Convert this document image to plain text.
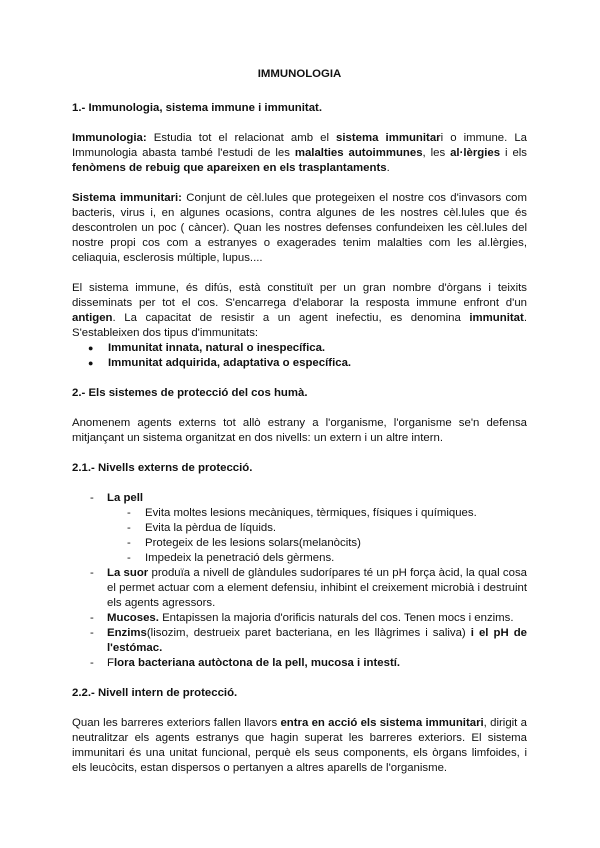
IMMUNOLOGIA
1.- Immunologia, sistema immune i immunitat.

Immunologia: Estudia tot el relacionat amb el sistema immunitari o immune. La Immunologia abasta també l'estudi de les malalties autoimmunes, les al·lèrgies i els fenòmens de rebuig que apareixen en els trasplantaments.

Sistema immunitari: Conjunt de cèl.lules que protegeixen el nostre cos d'invasors com bacteris, virus i, en algunes ocasions, contra algunes de les nostres cèl.lules que és descontrolen un poc ( càncer). Quan les nostres defenses confundeixen les cèl.lules del nostre propi cos com a estranyes o exagerades tenim malalties com les al.lèrgies, celiaquia, esclerosis múltiple, lupus....

El sistema immune, és difús, està constituït per un gran nombre d'òrgans i teixits disseminats per tot el cos. S'encarrega d'elaborar la resposta immune enfront d'un antigen. La capacitat de resistir a un agent inefectiu, es denomina immunitat. S'estableixen dos tipus d'immunitats:

● Immunitat innata, natural o inespecífica.
● Immunitat adquirida, adaptativa o específica.
2.- Els sistemes de protecció del cos humà.

Anomenem agents externs tot allò estrany a l'organisme, l'organisme se'n defensa mitjançant un sistema organitzat en dos nivells: un extern i un altre intern.

2.1.- Nivells externs de protecció.
- La pell
- Evita moltes lesions mecàniques, tèrmiques, físiques i químiques.
- Evita la pèrdua de líquids.
- Protegeix de les lesions solars(melanòcits)
- Impedeix la penetració dels gèrmens.
- La suor produïa a nivell de glàndules sudorípares té un pH força àcid, la qual cosa el permet actuar com a element defensiu, inhibint el creixement microbià i destruint els agents agressors.
- Mucoses. Entapissen la majoria d'orificis naturals del cos. Tenen mocs i enzims.
- Enzims(lisozim, destrueix paret bacteriana, en les llàgrimes i saliva) i el pH de l'estómac.
- Flora bacteriana autòctona de la pell, mucosa i intestí.
2.2.- Nivell intern de protecció.

Quan les barreres exteriors fallen llavors entra en acció els sistema immunitari, dirigit a neutralitzar els agents estranys que hagin superat les barreres exteriors. El sistema immunitari és una unitat funcional, perquè els seus components, els òrgans limfoides, i els leucòcits, estan dispersos o pertanyen a altres aparells de l'organisme.
